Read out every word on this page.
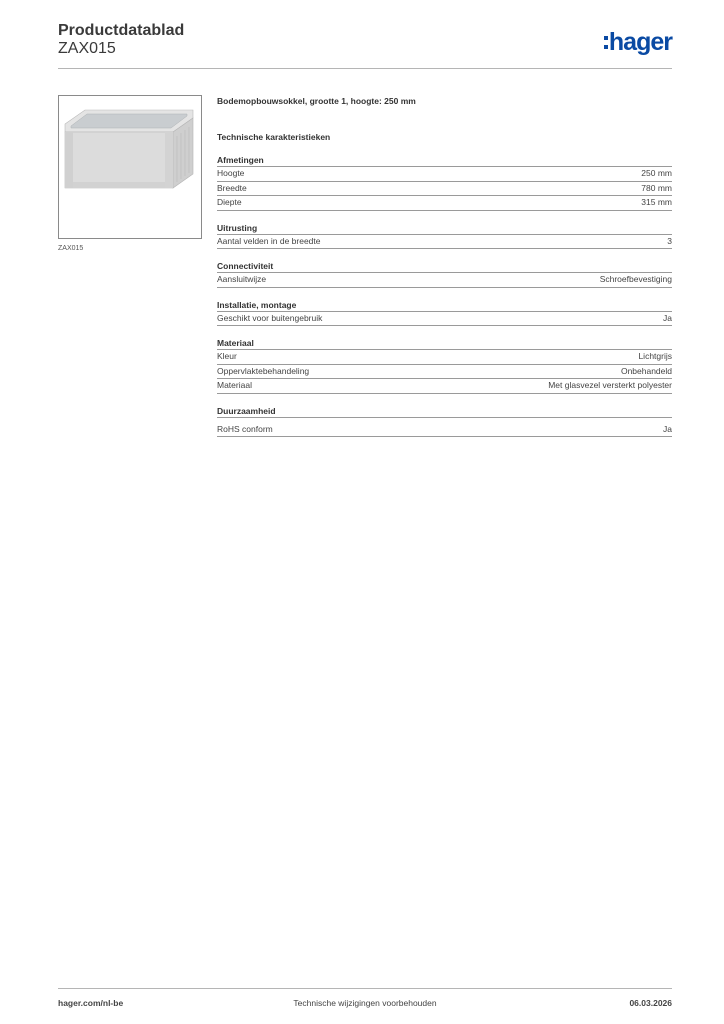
Productdatablad
ZAX015	hager
ZAX015
Bodemopbouwsokkel, grootte 1, hoogte: 250 mm
Technische karakteristieken
Afmetingen
Hoogte	250 mm
Breedte	780 mm
Diepte	315 mm
Uitrusting
Aantal velden in de breedte	3
Connectiviteit
Aansluitwijze	Schroefbevestiging
Installatie, montage
Geschikt voor buitengebruik	Ja
Materiaal
Kleur	Lichtgrijs
Oppervlaktebehandeling	Onbehandeld
Materiaal	Met glasvezel versterkt polyester
Duurzaamheid
RoHS conform	Ja
hager.com/nl-be	Technische wijzigingen voorbehouden	06.03.2026
